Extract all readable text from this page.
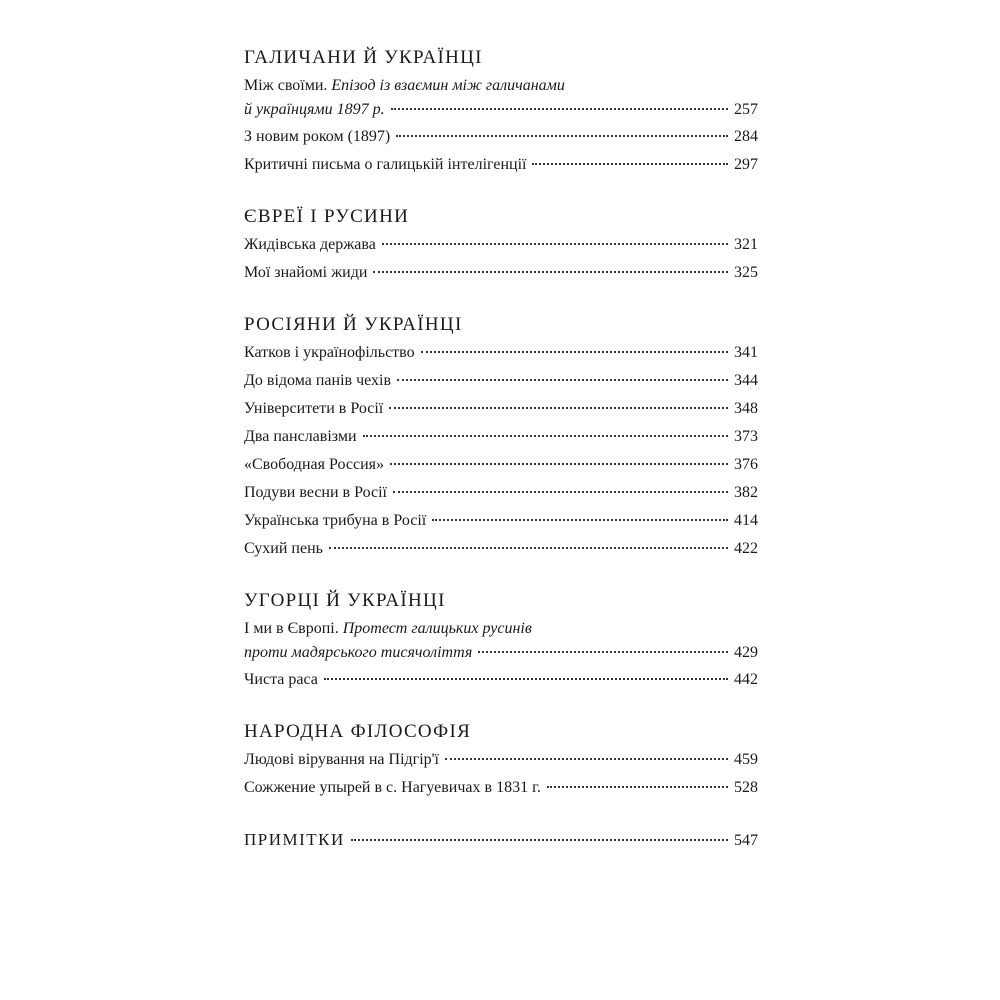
ГАЛИЧАНИ Й УКРАЇНЦІ
Між своїми. Епізод із взаємин між галичанами
й українцями 1897 р.	257
З новим роком (1897)	284
Критичні письма о галицькій інтелігенції	297
ЄВРЕЇ І РУСИНИ
Жидівська держава	321
Мої знайомі жиди	325
РОСІЯНИ Й УКРАЇНЦІ
Катков і українофільство	341
До відома панів чехів	344
Університети в Росії	348
Два панславізми	373
«Свободная Россия»	376
Подуви весни в Росії	382
Українська трибуна в Росії	414
Сухий пень	422
УГОРЦІ Й УКРАЇНЦІ
І ми в Європі. Протест галицьких русинів
проти мадярського тисячоліття	429
Чиста раса	442
НАРОДНА ФІЛОСОФІЯ
Людові вірування на Підгір'ї	459
Сожжение упырей в с. Нагуевичах в 1831 г.	528
ПРИМІТКИ	547
